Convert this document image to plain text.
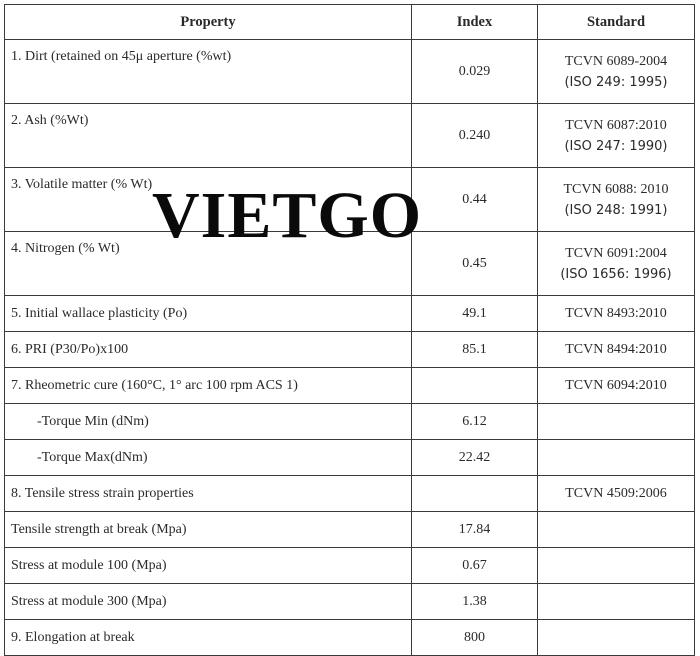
Property	Index	Standard
1. Dirt (retained on 45μ aperture (%wt)	0.029	TCVN 6089-2004
(ISO 249: 1995)
2. Ash (%Wt)	0.240	TCVN 6087:2010
(ISO 247: 1990)
3. Volatile matter (% Wt)	0.44	TCVN 6088: 2010
(ISO 248: 1991)
4. Nitrogen (% Wt)	0.45	TCVN 6091:2004
(ISO 1656: 1996)
5. Initial wallace plasticity (Po)	49.1	TCVN 8493:2010
6. PRI (P30/Po)x100	85.1	TCVN 8494:2010
7. Rheometric cure (160°C, 1° arc 100 rpm ACS 1)		TCVN 6094:2010
-Torque Min (dNm)	6.12	
-Torque Max(dNm)	22.42	
8. Tensile stress strain properties		TCVN 4509:2006
Tensile strength at break (Mpa)	17.84	
Stress at module 100 (Mpa)	0.67	
Stress at module 300 (Mpa)	1.38	
9. Elongation at break	800	
VIETGO
